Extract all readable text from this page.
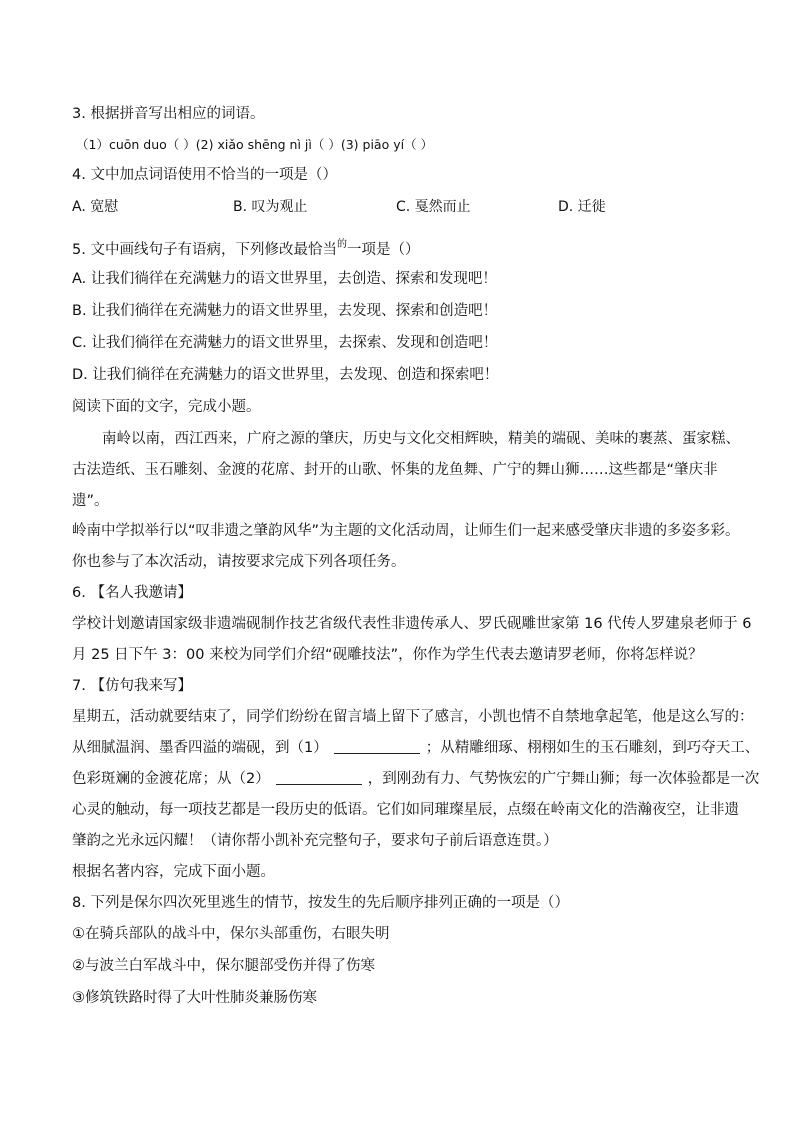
3. 根据拼音写出相应的词语。
（1）cuōn duo（ ）(2) xiǎo shēng nì jì（ ）(3) piāo yí（ ）
4. 文中加点词语使用不恰当的一项是（）
A. 宽慰	B. 叹为观止	C. 戛然而止	D. 迁徙
5. 文中画线句子有语病，下列修改最恰当$^的$一项是（）
A. 让我们徜徉在充满魅力的语文世界里，去创造、探索和发现吧！
B. 让我们徜徉在充满魅力的语文世界里，去发现、探索和创造吧！
C. 让我们徜徉在充满魅力的语文世界里，去探索、发现和创造吧！
D. 让我们徜徉在充满魅力的语文世界里，去发现、创造和探索吧！
阅读下面的文字，完成小题。
南岭以南，西江西来，广府之源的肇庆，历史与文化交相辉映，精美的端砚、美味的裹蒸、蛋家糕、
古法造纸、玉石雕刻、金渡的花席、封开的山歌、怀集的龙鱼舞、广宁的舞山狮……这些都是“肇庆非
遗”。
岭南中学拟举行以“叹非遗之肇韵风华”为主题的文化活动周，让师生们一起来感受肇庆非遗的多姿多彩。
你也参与了本次活动，请按要求完成下列各项任务。
6. 【名人我邀请】
学校计划邀请国家级非遗端砚制作技艺省级代表性非遗传承人、罗氏砚雕世家第 16 代传人罗建泉老师于 6
月 25 日下午 3：00 来校为同学们介绍“砚雕技法”，你作为学生代表去邀请罗老师，你将怎样说？
7. 【仿句我来写】
星期五，活动就要结束了，同学们纷纷在留言墙上留下了感言，小凯也情不自禁地拿起笔，他是这么写的：
从细腻温润、墨香四溢的端砚，到（1）	；从精雕细琢、栩栩如生的玉石雕刻，到巧夺天工、
色彩斑斓的金渡花席；从（2）	，到刚劲有力、气势恢宏的广宁舞山狮；每一次体验都是一次
心灵的触动，每一项技艺都是一段历史的低语。它们如同璀璨星辰，点缀在岭南文化的浩瀚夜空，让非遗
肇韵之光永远闪耀！（请你帮小凯补充完整句子，要求句子前后语意连贯。）
根据名著内容，完成下面小题。
8. 下列是保尔四次死里逃生的情节，按发生的先后顺序排列正确的一项是（）
①在骑兵部队的战斗中，保尔头部重伤，右眼失明
②与波兰白军战斗中，保尔腿部受伤并得了伤寒
③修筑铁路时得了大叶性肺炎兼肠伤寒
